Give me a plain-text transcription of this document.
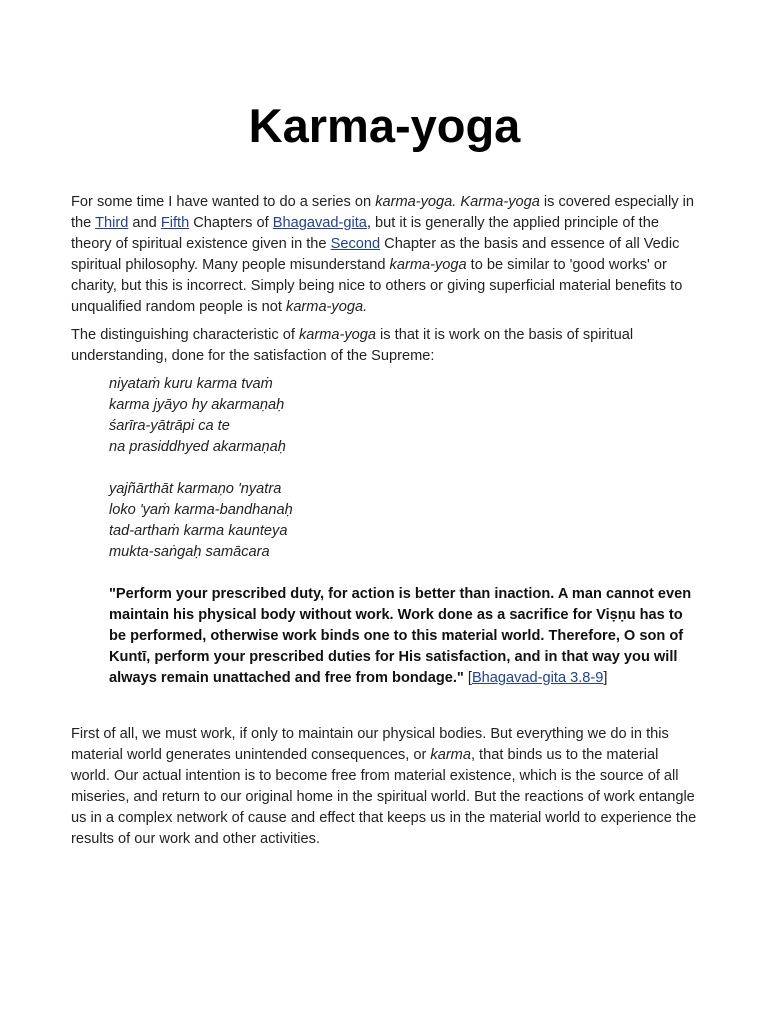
Karma-yoga

For some time I have wanted to do a series on karma-yoga. Karma-yoga is covered especially in the Third and Fifth Chapters of Bhagavad-gita, but it is generally the applied principle of the theory of spiritual existence given in the Second Chapter as the basis and essence of all Vedic spiritual philosophy. Many people misunderstand karma-yoga to be similar to 'good works' or charity, but this is incorrect. Simply being nice to others or giving superficial material benefits to unqualified random people is not karma-yoga.

The distinguishing characteristic of karma-yoga is that it is work on the basis of spiritual understanding, done for the satisfaction of the Supreme:

niyataṁ kuru karma tvaṁ
karma jyāyo hy akarmaṇaḥ
śarīra-yātrāpi ca te
na prasiddhyed akarmaṇaḥ
yajñārthāt karmaṇo 'nyatra
loko 'yaṁ karma-bandhanaḥ
tad-arthaṁ karma kaunteya
mukta-saṅgaḥ samācara
"Perform your prescribed duty, for action is better than inaction. A man cannot even maintain his physical body without work. Work done as a sacrifice for Viṣṇu has to be performed, otherwise work binds one to this material world. Therefore, O son of Kuntī, perform your prescribed duties for His satisfaction, and in that way you will always remain unattached and free from bondage." [Bhagavad-gita 3.8-9]

First of all, we must work, if only to maintain our physical bodies. But everything we do in this material world generates unintended consequences, or karma, that binds us to the material world. Our actual intention is to become free from material existence, which is the source of all miseries, and return to our original home in the spiritual world. But the reactions of work entangle us in a complex network of cause and effect that keeps us in the material world to experience the results of our work and other activities.
